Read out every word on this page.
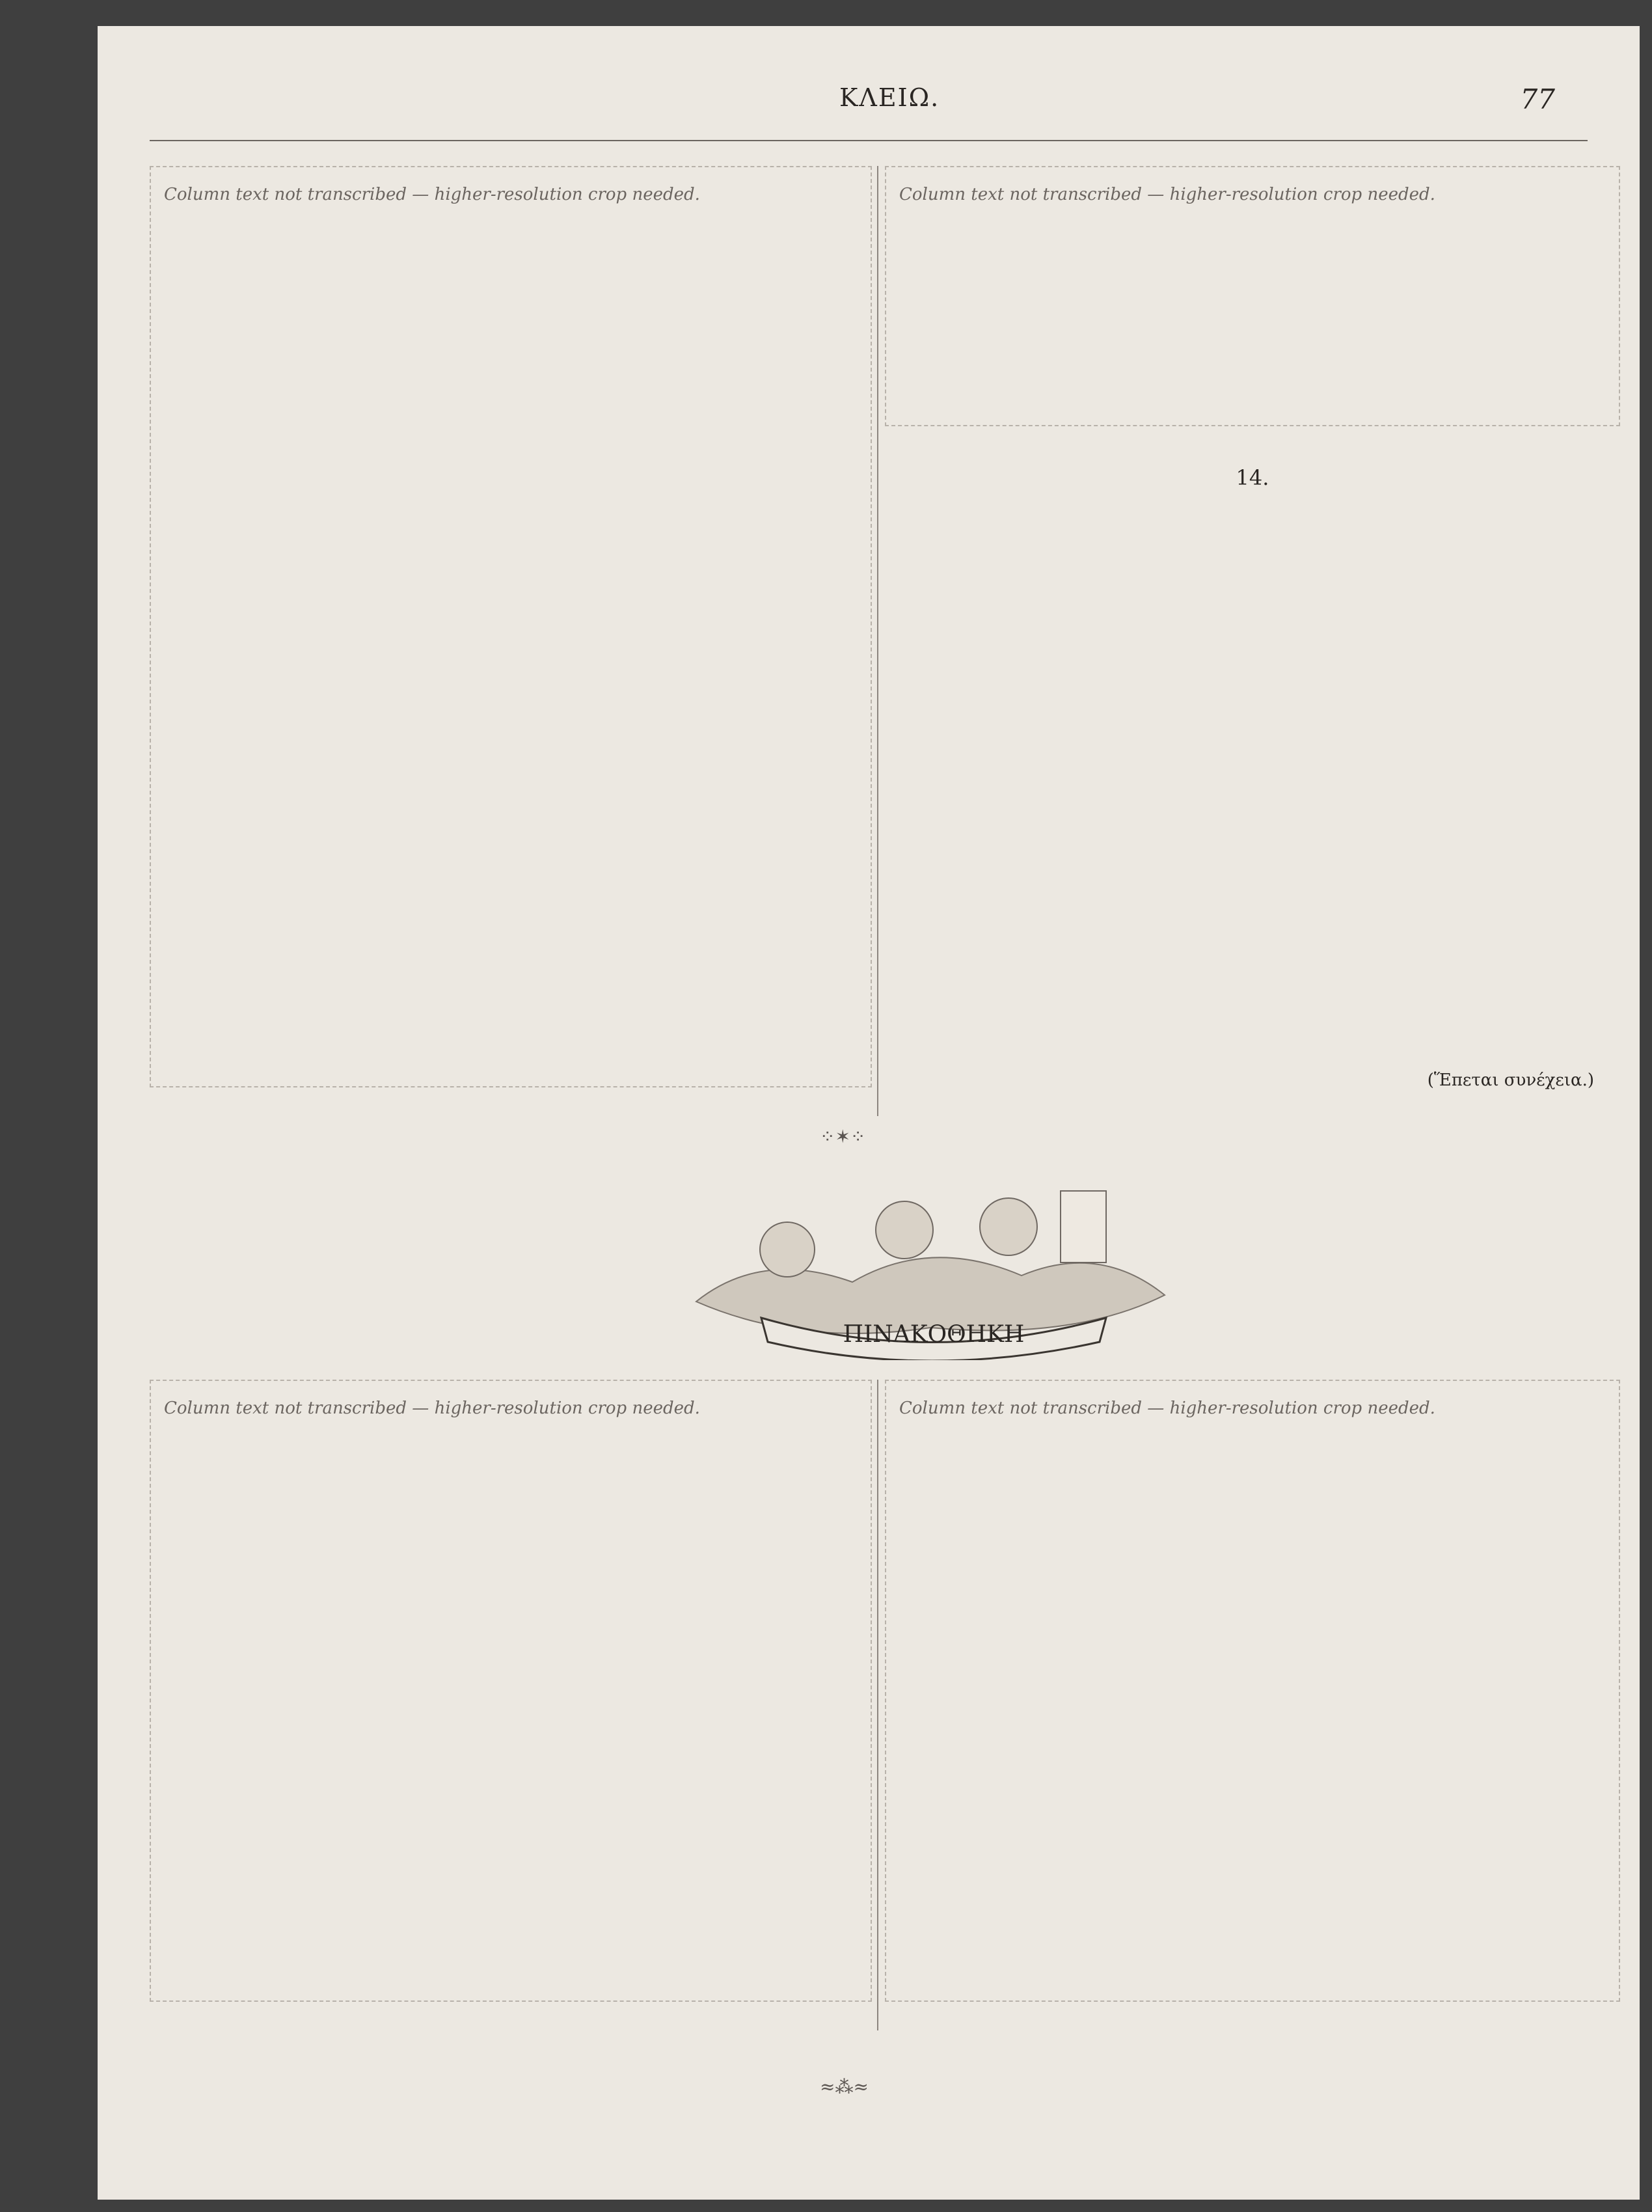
ΚΛΕΙΩ.	77
Column text not transcribed — higher-resolution crop needed.
14.
Column text not transcribed — higher-resolution crop needed.
(Ἕπεται συνέχεια.)
⁘✶⁘
ΠΙΝΑΚΟΘΗΚΗ
Column text not transcribed — higher-resolution crop needed.	Column text not transcribed — higher-resolution crop needed.
≈⁂≈
